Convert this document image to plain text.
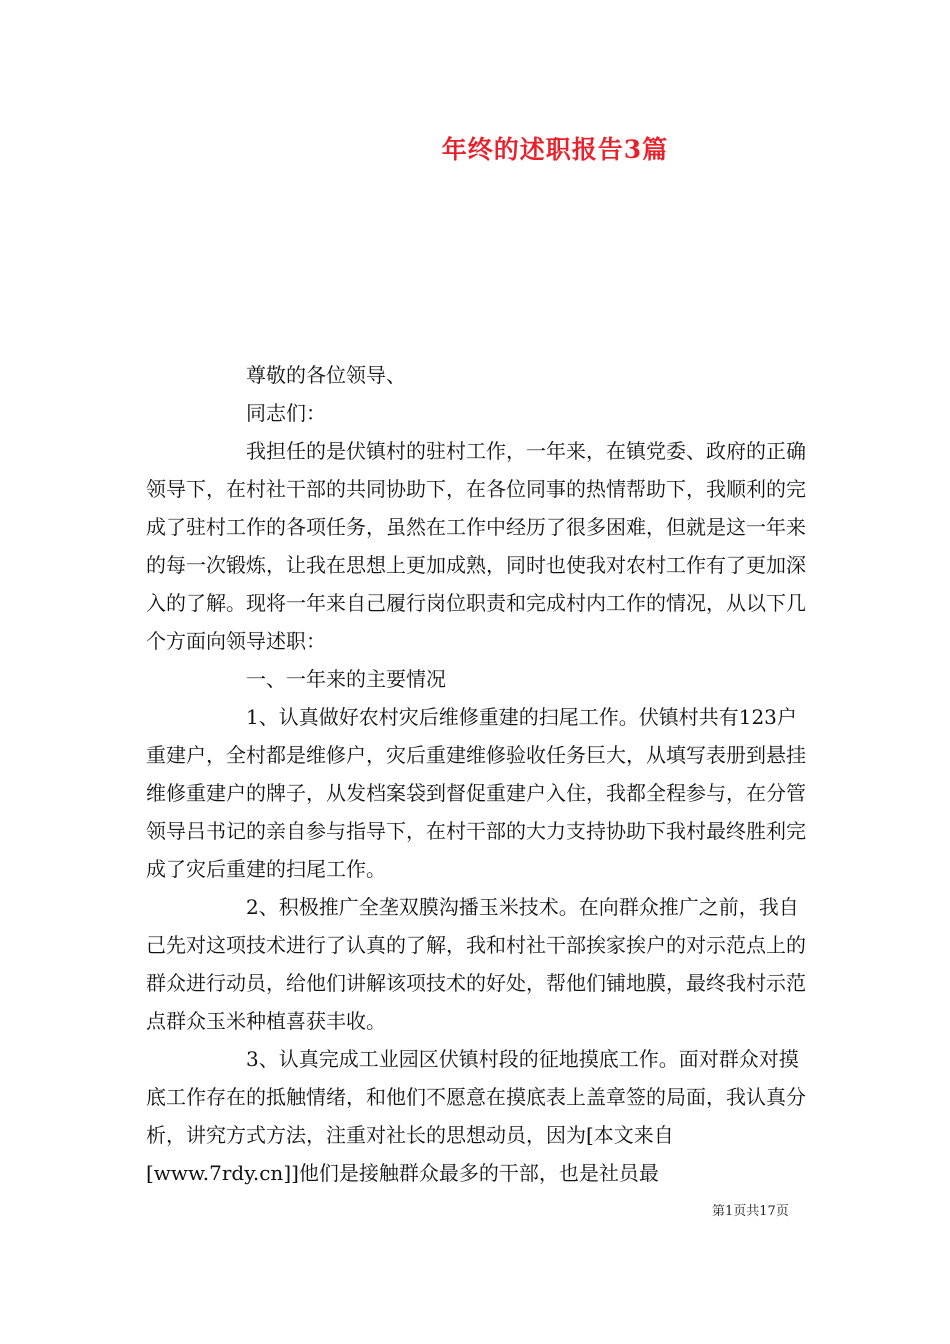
年终的述职报告3篇

尊敬的各位领导、

同志们：

我担任的是伏镇村的驻村工作，一年来，在镇党委、政府的正确领导下，在村社干部的共同协助下，在各位同事的热情帮助下，我顺利的完成了驻村工作的各项任务，虽然在工作中经历了很多困难，但就是这一年来的每一次锻炼，让我在思想上更加成熟，同时也使我对农村工作有了更加深入的了解。现将一年来自己履行岗位职责和完成村内工作的情况，从以下几个方面向领导述职：

一、一年来的主要情况

1、认真做好农村灾后维修重建的扫尾工作。伏镇村共有123户重建户，全村都是维修户，灾后重建维修验收任务巨大，从填写表册到悬挂维修重建户的牌子，从发档案袋到督促重建户入住，我都全程参与，在分管领导吕书记的亲自参与指导下，在村干部的大力支持协助下我村最终胜利完成了灾后重建的扫尾工作。

2、积极推广全垄双膜沟播玉米技术。在向群众推广之前，我自己先对这项技术进行了认真的了解，我和村社干部挨家挨户的对示范点上的群众进行动员，给他们讲解该项技术的好处，帮他们铺地膜，最终我村示范点群众玉米种植喜获丰收。

3、认真完成工业园区伏镇村段的征地摸底工作。面对群众对摸底工作存在的抵触情绪，和他们不愿意在摸底表上盖章签的局面，我认真分析，讲究方式方法，注重对社长的思想动员，因为[本文来自[www.7rdy.cn]]他们是接触群众最多的干部，也是社员最

第1页共17页
